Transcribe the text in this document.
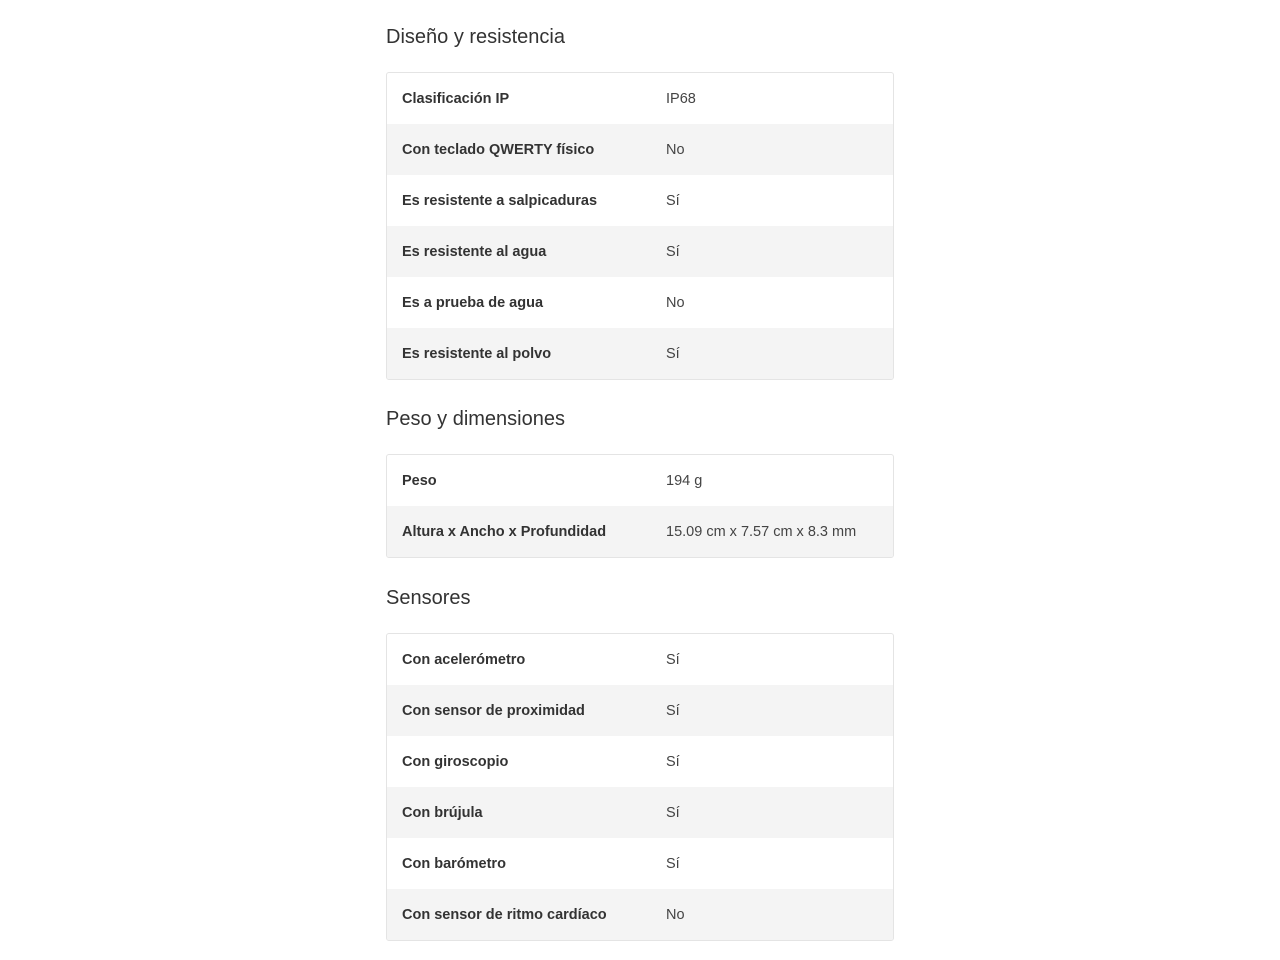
Diseño y resistencia
Clasificación IP	IP68
Con teclado QWERTY físico	No
Es resistente a salpicaduras	Sí
Es resistente al agua	Sí
Es a prueba de agua	No
Es resistente al polvo	Sí
Peso y dimensiones
Peso	194 g
Altura x Ancho x Profundidad	15.09 cm x 7.57 cm x 8.3 mm
Sensores
Con acelerómetro	Sí
Con sensor de proximidad	Sí
Con giroscopio	Sí
Con brújula	Sí
Con barómetro	Sí
Con sensor de ritmo cardíaco	No
